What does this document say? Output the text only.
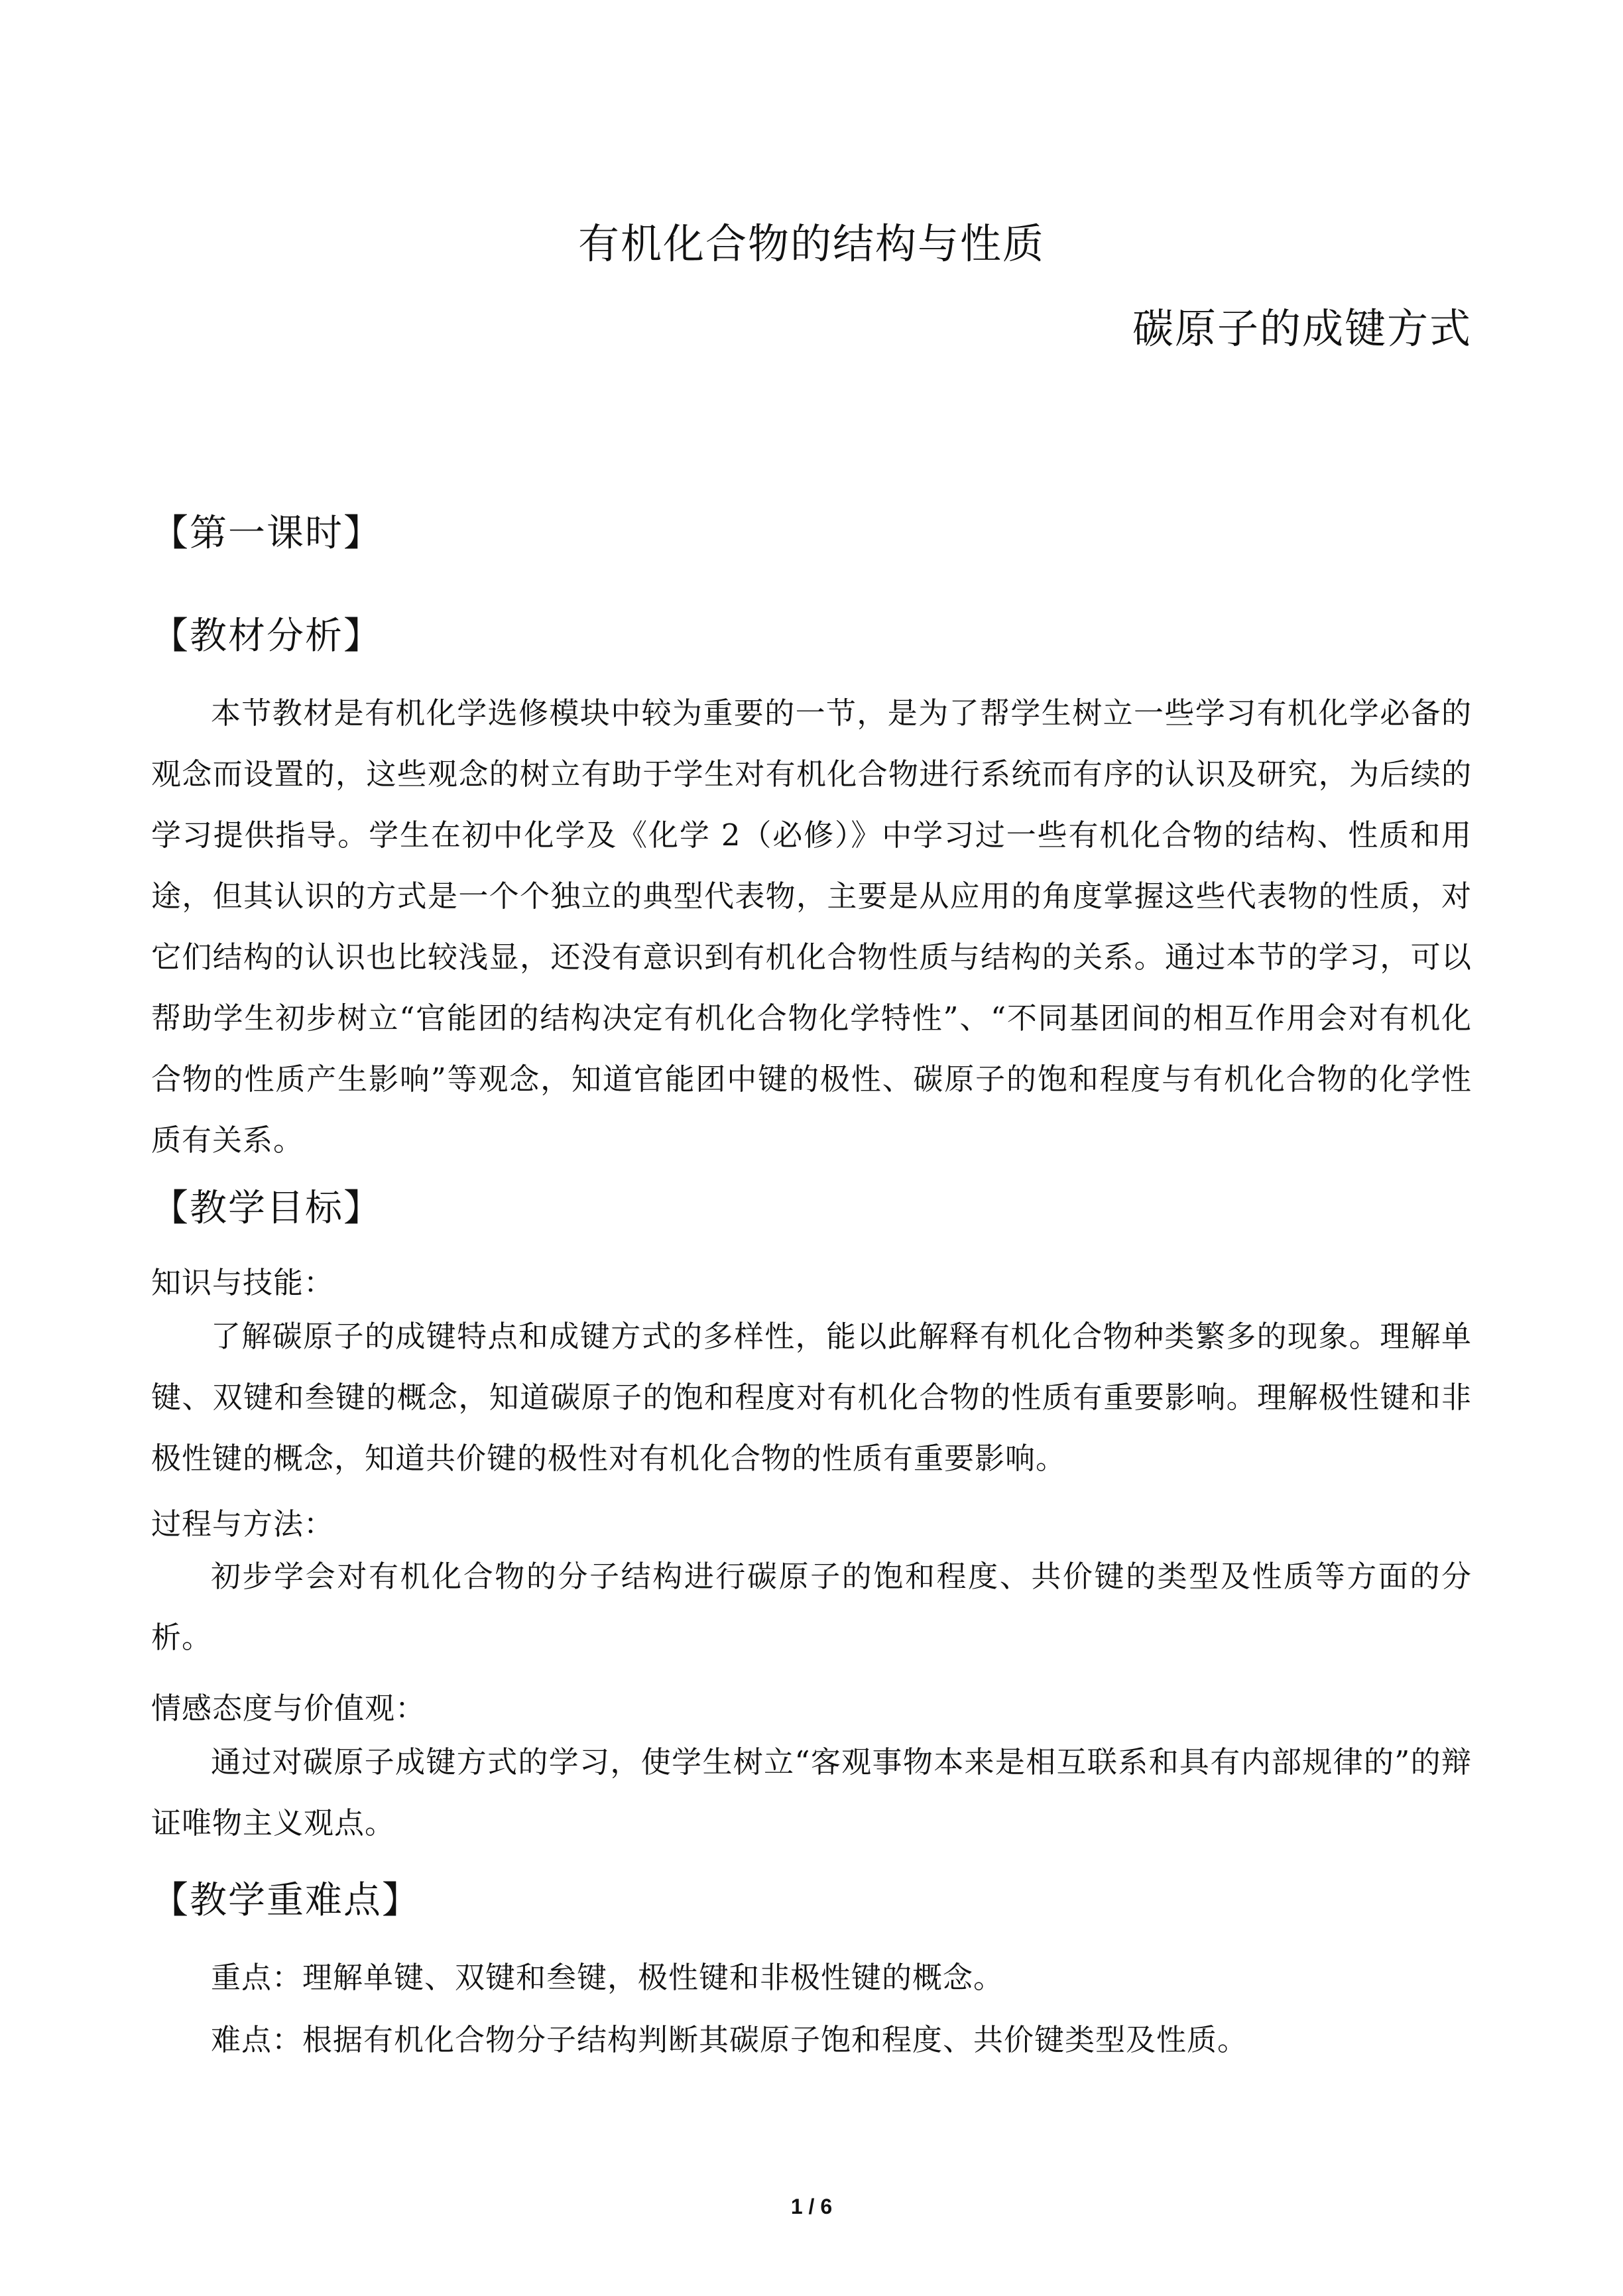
有机化合物的结构与性质
碳原子的成键方式
【第一课时】
【教材分析】
本节教材是有机化学选修模块中较为重要的一节，是为了帮学生树立一些学习有机化学必备的观念而设置的，这些观念的树立有助于学生对有机化合物进行系统而有序的认识及研究，为后续的学习提供指导。学生在初中化学及《化学 2（必修）》中学习过一些有机化合物的结构、性质和用途，但其认识的方式是一个个独立的典型代表物，主要是从应用的角度掌握这些代表物的性质，对它们结构的认识也比较浅显，还没有意识到有机化合物性质与结构的关系。通过本节的学习，可以帮助学生初步树立“官能团的结构决定有机化合物化学特性”、“不同基团间的相互作用会对有机化合物的性质产生影响”等观念，知道官能团中键的极性、碳原子的饱和程度与有机化合物的化学性质有关系。
【教学目标】
知识与技能：
了解碳原子的成键特点和成键方式的多样性，能以此解释有机化合物种类繁多的现象。理解单键、双键和叁键的概念，知道碳原子的饱和程度对有机化合物的性质有重要影响。理解极性键和非极性键的概念，知道共价键的极性对有机化合物的性质有重要影响。
过程与方法：
初步学会对有机化合物的分子结构进行碳原子的饱和程度、共价键的类型及性质等方面的分析。
情感态度与价值观：
通过对碳原子成键方式的学习，使学生树立“客观事物本来是相互联系和具有内部规律的”的辩证唯物主义观点。
【教学重难点】
重点：理解单键、双键和叁键，极性键和非极性键的概念。
难点：根据有机化合物分子结构判断其碳原子饱和程度、共价键类型及性质。
1 / 6
